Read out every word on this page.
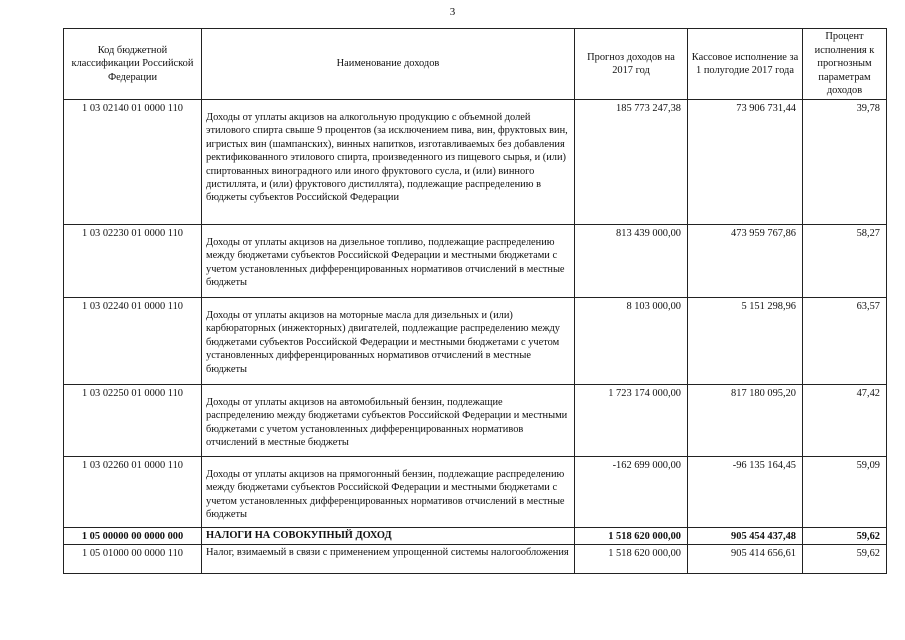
3
Код бюджетной классификации Российской Федерации	Наименование доходов	Прогноз доходов на 2017 год	Кассовое исполнение за 1 полугодие 2017 года	Процент исполнения к прогнозным параметрам доходов
1 03 02140 01 0000 110	Доходы от уплаты акцизов на алкогольную продукцию с объемной долей этилового спирта свыше 9 процентов (за исключением пива, вин, фруктовых вин, игристых вин (шампанских), винных напитков, изготавливаемых без добавления ректификованного этилового спирта, произведенного из пищевого сырья, и (или) спиртованных виноградного или иного фруктового сусла, и (или) винного дистиллята, и (или) фруктового дистиллята), подлежащие распределению в бюджеты субъектов Российской Федерации	185 773 247,38	73 906 731,44	39,78
1 03 02230 01 0000 110	Доходы от уплаты акцизов на дизельное топливо, подлежащие распределению между бюджетами субъектов Российской Федерации и местными бюджетами с учетом установленных дифференцированных нормативов отчислений в местные бюджеты	813 439 000,00	473 959 767,86	58,27
1 03 02240 01 0000 110	Доходы от уплаты акцизов на моторные масла для дизельных и (или) карбюраторных (инжекторных) двигателей, подлежащие распределению между бюджетами субъектов Российской Федерации и местными бюджетами с учетом установленных дифференцированных нормативов отчислений в местные бюджеты	8 103 000,00	5 151 298,96	63,57
1 03 02250 01 0000 110	Доходы от уплаты акцизов на автомобильный бензин, подлежащие распределению между бюджетами субъектов Российской Федерации и местными бюджетами с учетом установленных дифференцированных нормативов отчислений в местные бюджеты	1 723 174 000,00	817 180 095,20	47,42
1 03 02260 01 0000 110	Доходы от уплаты акцизов на прямогонный бензин, подлежащие распределению между бюджетами субъектов Российской Федерации и местными бюджетами с учетом установленных дифференцированных нормативов отчислений в местные бюджеты	-162 699 000,00	-96 135 164,45	59,09
1 05 00000 00 0000 000	НАЛОГИ НА СОВОКУПНЫЙ ДОХОД	1 518 620 000,00	905 454 437,48	59,62
1 05 01000 00 0000 110	Налог, взимаемый в связи с применением упрощенной системы налогообложения	1 518 620 000,00	905 414 656,61	59,62
